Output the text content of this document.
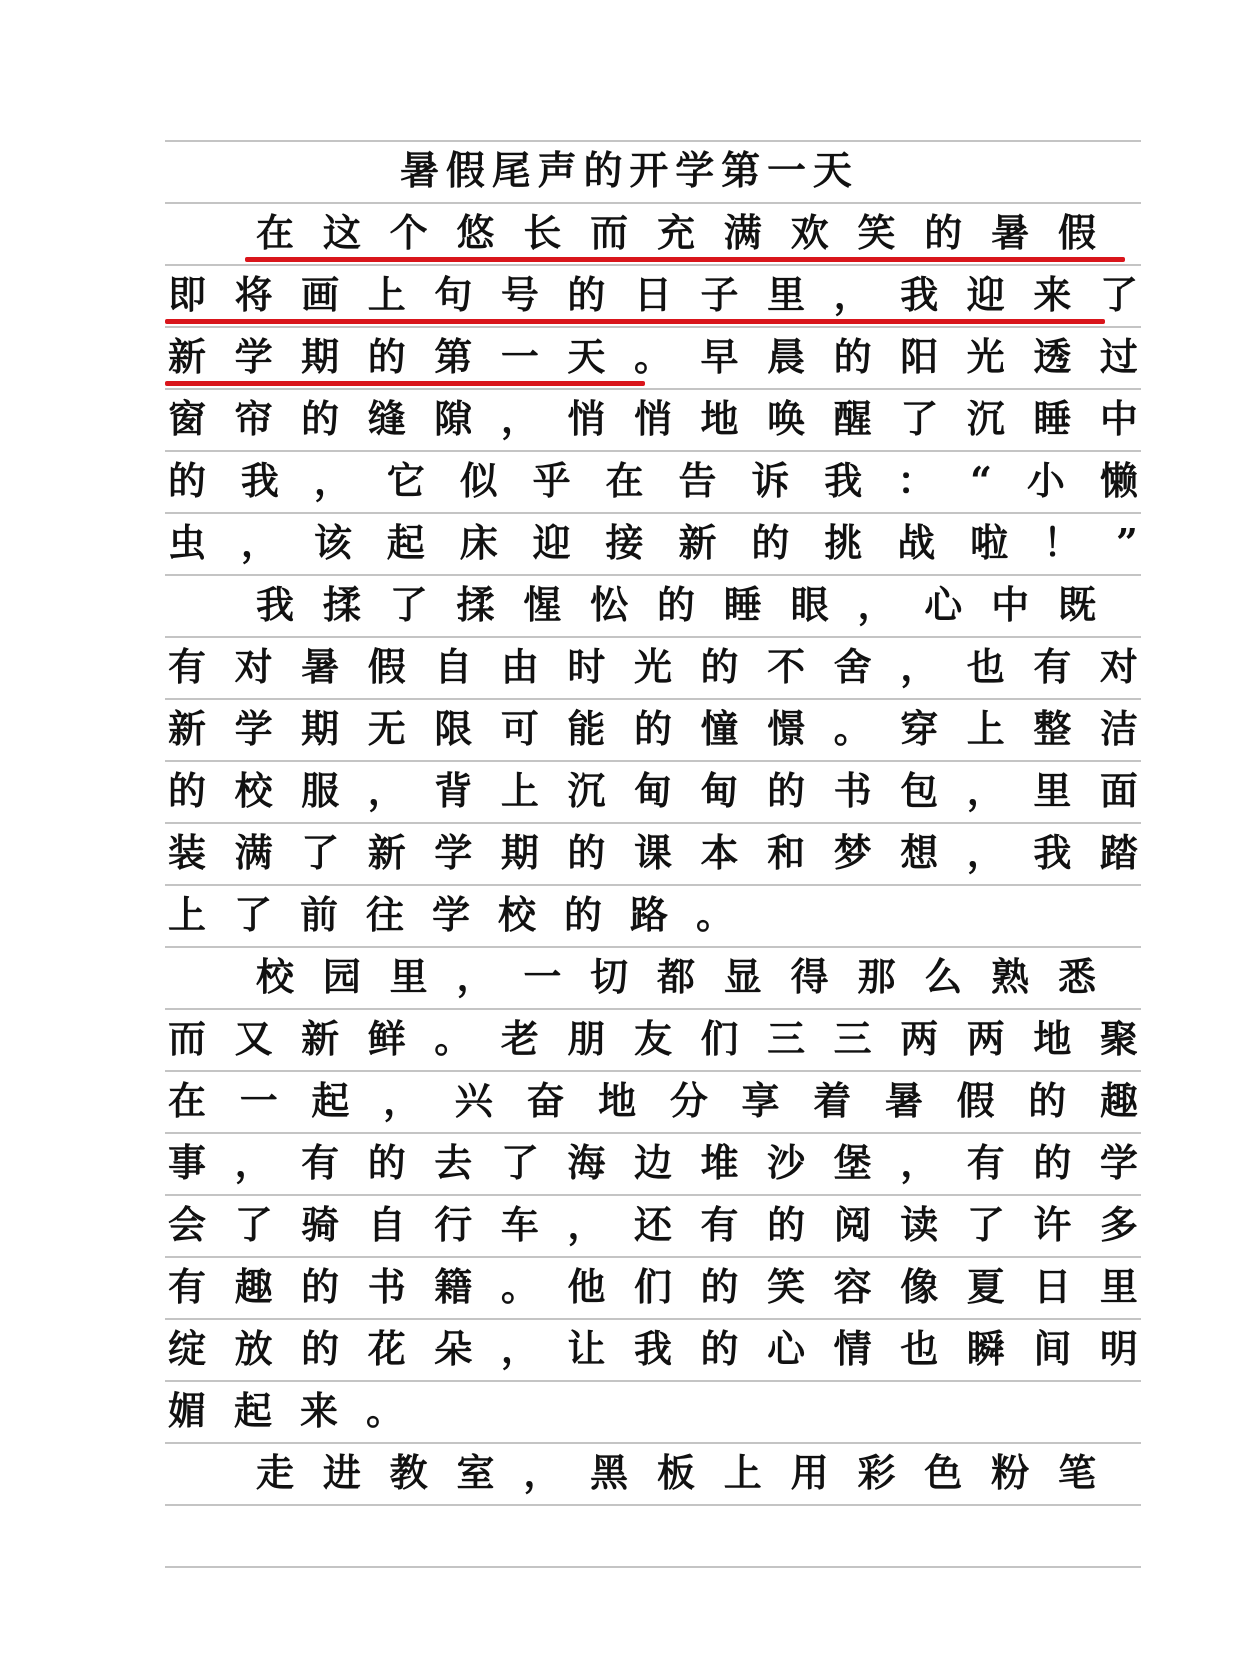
暑 假 尾 声 的 开 学 第 一 天
在 这 个 悠 长 而 充 满 欢 笑 的 暑 假
即 将 画 上 句 号 的 日 子 里 ， 我 迎 来 了
新 学 期 的 第 一 天 。 早 晨 的 阳 光 透 过
窗 帘 的 缝 隙 ， 悄 悄 地 唤 醒 了 沉 睡 中
的 我 ， 它 似 乎 在 告 诉 我 ： “ 小 懒
虫 ， 该 起 床 迎 接 新 的 挑 战 啦 ！ ”
我 揉 了 揉 惺 忪 的 睡 眼 ， 心 中 既
有 对 暑 假 自 由 时 光 的 不 舍 ， 也 有 对
新 学 期 无 限 可 能 的 憧 憬 。 穿 上 整 洁
的 校 服 ， 背 上 沉 甸 甸 的 书 包 ， 里 面
装 满 了 新 学 期 的 课 本 和 梦 想 ， 我 踏
上 了 前 往 学 校 的 路 。
校 园 里 ， 一 切 都 显 得 那 么 熟 悉
而 又 新 鲜 。 老 朋 友 们 三 三 两 两 地 聚
在 一 起 ， 兴 奋 地 分 享 着 暑 假 的 趣
事 ， 有 的 去 了 海 边 堆 沙 堡 ， 有 的 学
会 了 骑 自 行 车 ， 还 有 的 阅 读 了 许 多
有 趣 的 书 籍 。 他 们 的 笑 容 像 夏 日 里
绽 放 的 花 朵 ， 让 我 的 心 情 也 瞬 间 明
媚 起 来 。
走 进 教 室 ， 黑 板 上 用 彩 色 粉 笔
